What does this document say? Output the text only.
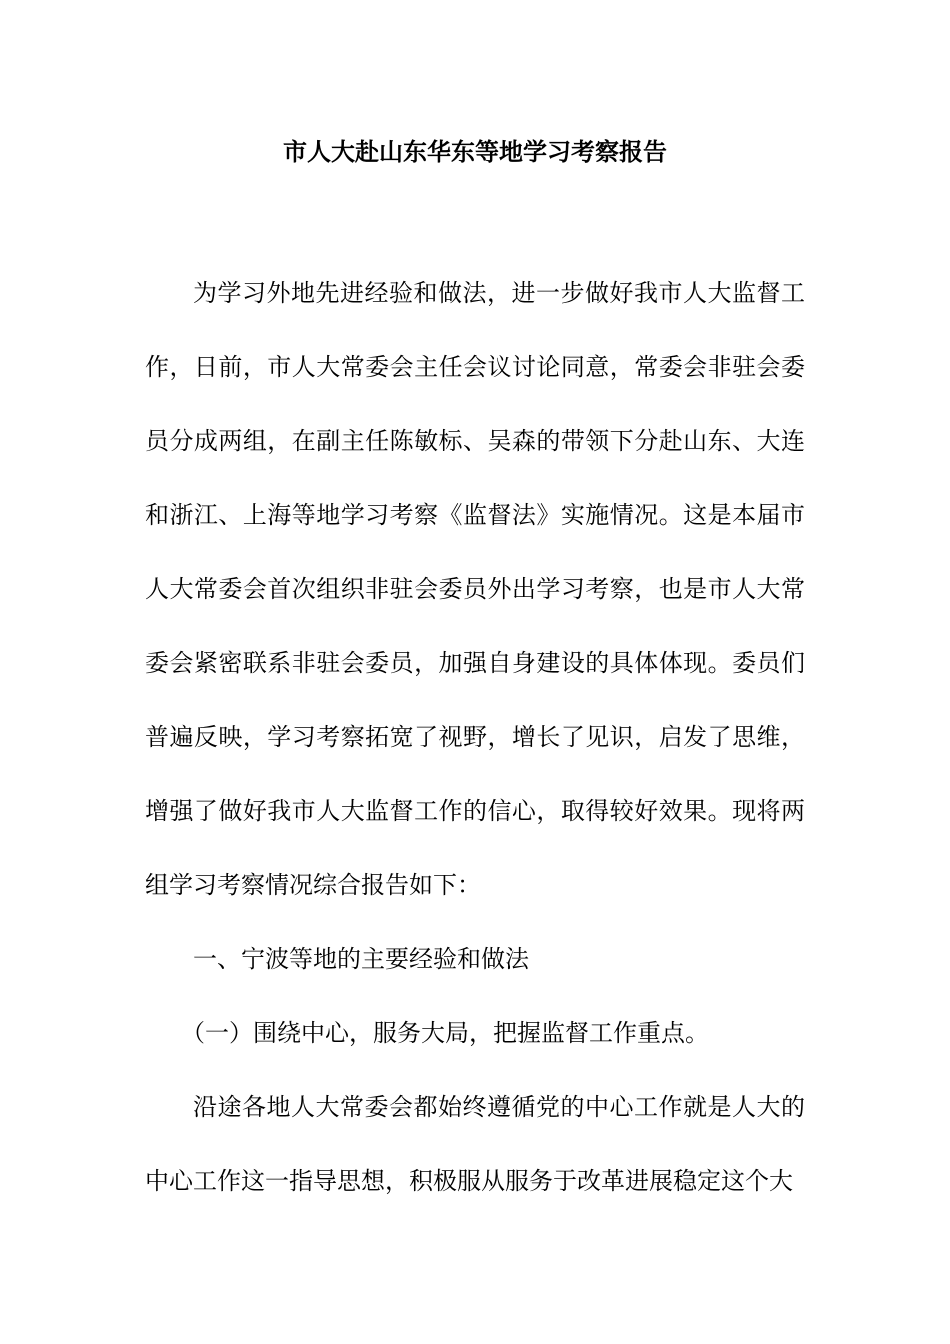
市人大赴山东华东等地学习考察报告

为学习外地先进经验和做法，进一步做好我市人大监督工作，日前，市人大常委会主任会议讨论同意，常委会非驻会委员分成两组，在副主任陈敏标、吴森的带领下分赴山东、大连和浙江、上海等地学习考察《监督法》实施情况。这是本届市人大常委会首次组织非驻会委员外出学习考察，也是市人大常委会紧密联系非驻会委员，加强自身建设的具体体现。委员们普遍反映，学习考察拓宽了视野，增长了见识，启发了思维，增强了做好我市人大监督工作的信心，取得较好效果。现将两组学习考察情况综合报告如下：

一、宁波等地的主要经验和做法

（一）围绕中心，服务大局，把握监督工作重点。

沿途各地人大常委会都始终遵循党的中心工作就是人大的中心工作这一指导思想，积极服从服务于改革进展稳定这个大
